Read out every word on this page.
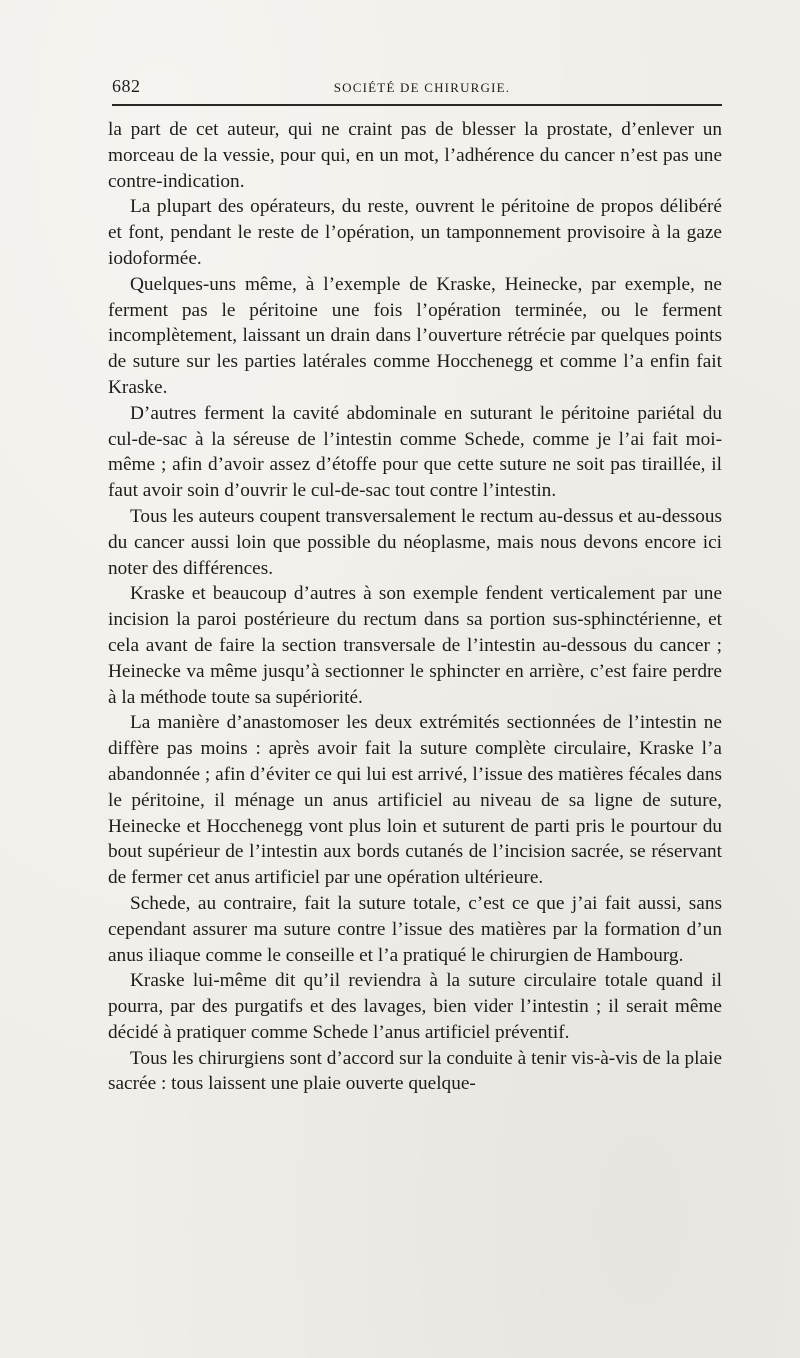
682	SOCIÉTÉ DE CHIRURGIE.

la part de cet auteur, qui ne craint pas de blesser la prostate, d’enlever un morceau de la vessie, pour qui, en un mot, l’adhérence du cancer n’est pas une contre-indication.

La plupart des opérateurs, du reste, ouvrent le péritoine de propos délibéré et font, pendant le reste de l’opération, un tamponnement provisoire à la gaze iodoformée.

Quelques-uns même, à l’exemple de Kraske, Heinecke, par exemple, ne ferment pas le péritoine une fois l’opération terminée, ou le ferment incomplètement, laissant un drain dans l’ouverture rétrécie par quelques points de suture sur les parties latérales comme Hocchenegg et comme l’a enfin fait Kraske.

D’autres ferment la cavité abdominale en suturant le péritoine pariétal du cul-de-sac à la séreuse de l’intestin comme Schede, comme je l’ai fait moi-même ; afin d’avoir assez d’étoffe pour que cette suture ne soit pas tiraillée, il faut avoir soin d’ouvrir le cul-de-sac tout contre l’intestin.

Tous les auteurs coupent transversalement le rectum au-dessus et au-dessous du cancer aussi loin que possible du néoplasme, mais nous devons encore ici noter des différences.

Kraske et beaucoup d’autres à son exemple fendent verticalement par une incision la paroi postérieure du rectum dans sa portion sus-sphinctérienne, et cela avant de faire la section transversale de l’intestin au-dessous du cancer ; Heinecke va même jusqu’à sectionner le sphincter en arrière, c’est faire perdre à la méthode toute sa supériorité.

La manière d’anastomoser les deux extrémités sectionnées de l’intestin ne diffère pas moins : après avoir fait la suture complète circulaire, Kraske l’a abandonnée ; afin d’éviter ce qui lui est arrivé, l’issue des matières fécales dans le péritoine, il ménage un anus artificiel au niveau de sa ligne de suture, Heinecke et Hocchenegg vont plus loin et suturent de parti pris le pourtour du bout supérieur de l’intestin aux bords cutanés de l’incision sacrée, se réservant de fermer cet anus artificiel par une opération ultérieure.

Schede, au contraire, fait la suture totale, c’est ce que j’ai fait aussi, sans cependant assurer ma suture contre l’issue des matières par la formation d’un anus iliaque comme le conseille et l’a pratiqué le chirurgien de Hambourg.

Kraske lui-même dit qu’il reviendra à la suture circulaire totale quand il pourra, par des purgatifs et des lavages, bien vider l’intestin ; il serait même décidé à pratiquer comme Schede l’anus artificiel préventif.

Tous les chirurgiens sont d’accord sur la conduite à tenir vis-à-vis de la plaie sacrée : tous laissent une plaie ouverte quelque-
